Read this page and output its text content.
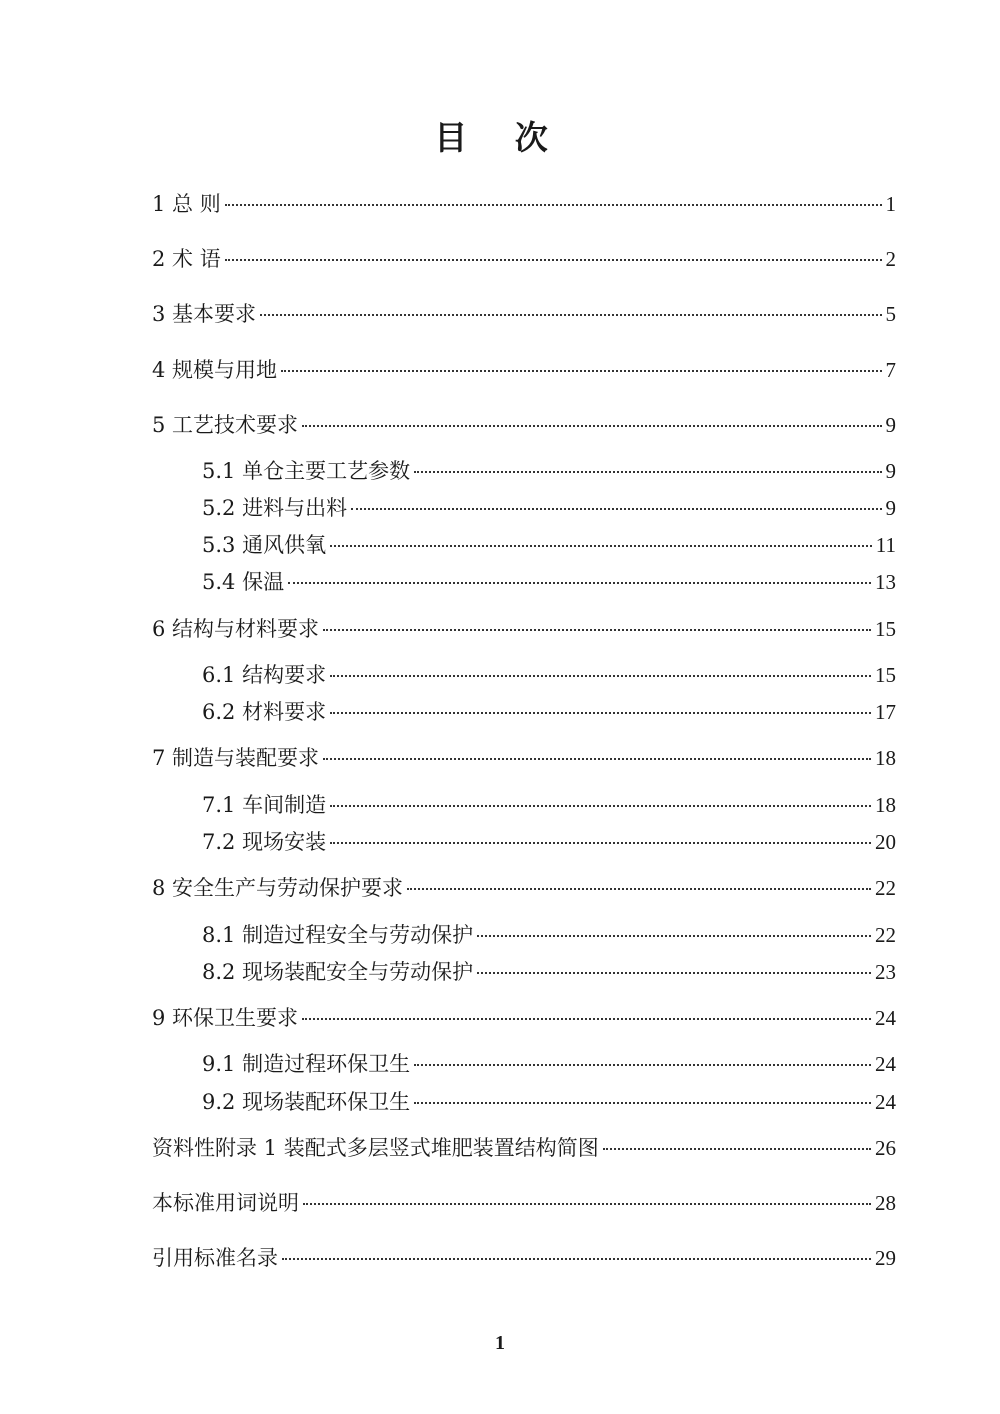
目 次
1 总 则	1
2 术 语	2
3 基本要求	5
4 规模与用地	7
5 工艺技术要求	9
5.1 单仓主要工艺参数	9
5.2 进料与出料	9
5.3 通风供氧	11
5.4 保温	13
6 结构与材料要求	15
6.1 结构要求	15
6.2 材料要求	17
7 制造与装配要求	18
7.1 车间制造	18
7.2 现场安装	20
8 安全生产与劳动保护要求	22
8.1 制造过程安全与劳动保护	22
8.2 现场装配安全与劳动保护	23
9 环保卫生要求	24
9.1 制造过程环保卫生	24
9.2 现场装配环保卫生	24
资料性附录 1 装配式多层竖式堆肥装置结构简图	26
本标准用词说明	28
引用标准名录	29
1
